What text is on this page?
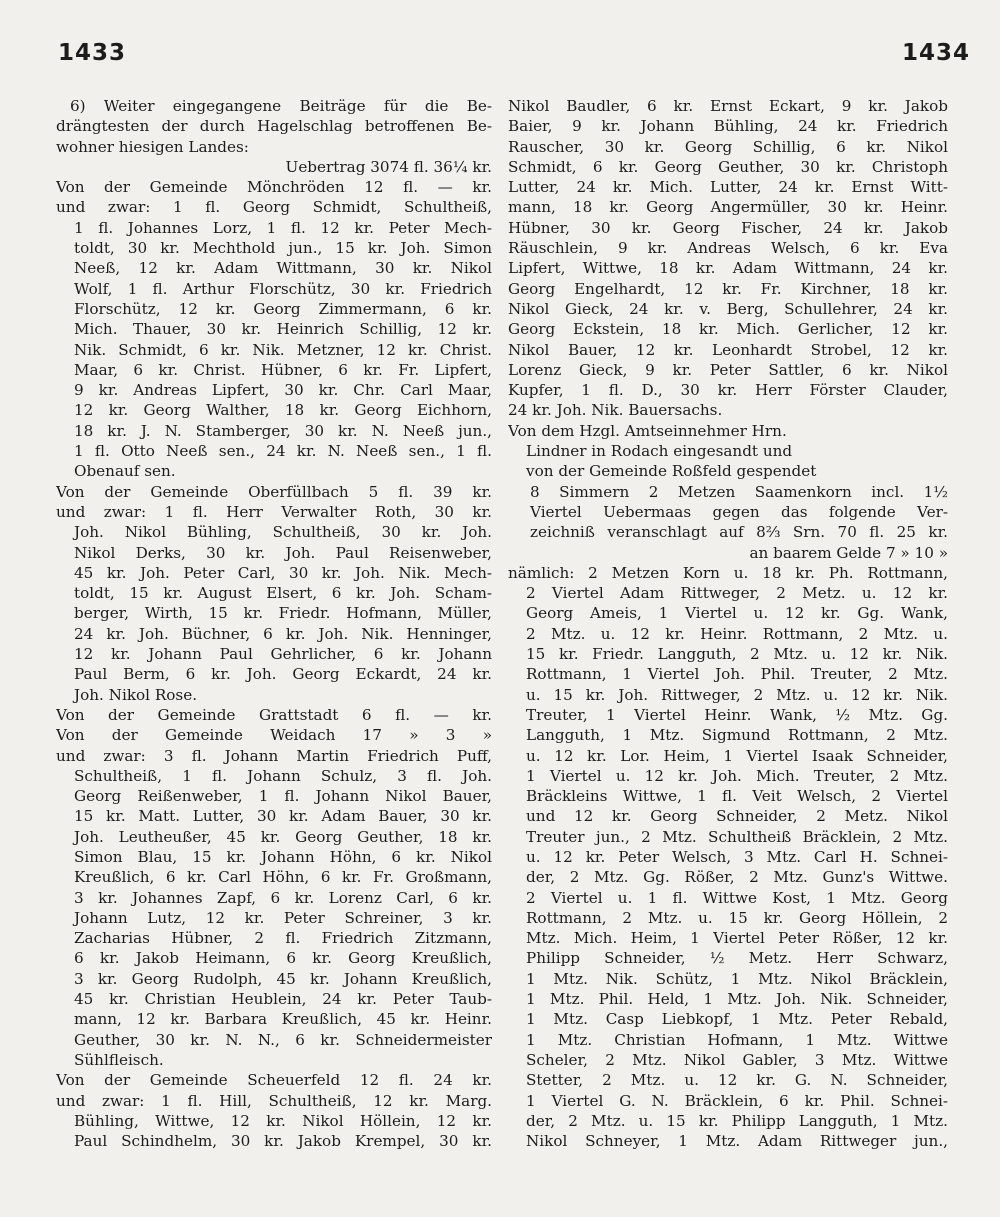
1433	1434
6) Weiter eingegangene Beiträge für die Be-
drängtesten der durch Hagelschlag betroffenen Be-
wohner hiesigen Landes:
Uebertrag 3074 fl. 36¼ kr.
Von der Gemeinde Mönchröden 12 fl. — kr.
und zwar: 1 fl. Georg Schmidt, Schultheiß,
1 fl. Johannes Lorz, 1 fl. 12 kr. Peter Mech-
toldt, 30 kr. Mechthold jun., 15 kr. Joh. Simon
Neeß, 12 kr. Adam Wittmann, 30 kr. Nikol
Wolf, 1 fl. Arthur Florschütz, 30 kr. Friedrich
Florschütz, 12 kr. Georg Zimmermann, 6 kr.
Mich. Thauer, 30 kr. Heinrich Schillig, 12 kr.
Nik. Schmidt, 6 kr. Nik. Metzner, 12 kr. Christ.
Maar, 6 kr. Christ. Hübner, 6 kr. Fr. Lipfert,
9 kr. Andreas Lipfert, 30 kr. Chr. Carl Maar,
12 kr. Georg Walther, 18 kr. Georg Eichhorn,
18 kr. J. N. Stamberger, 30 kr. N. Neeß jun.,
1 fl. Otto Neeß sen., 24 kr. N. Neeß sen., 1 fl.
Obenauf sen.
Von der Gemeinde Oberfüllbach 5 fl. 39 kr.
und zwar: 1 fl. Herr Verwalter Roth, 30 kr.
Joh. Nikol Bühling, Schultheiß, 30 kr. Joh.
Nikol Derks, 30 kr. Joh. Paul Reisenweber,
45 kr. Joh. Peter Carl, 30 kr. Joh. Nik. Mech-
toldt, 15 kr. August Elsert, 6 kr. Joh. Scham-
berger, Wirth, 15 kr. Friedr. Hofmann, Müller,
24 kr. Joh. Büchner, 6 kr. Joh. Nik. Henninger,
12 kr. Johann Paul Gehrlicher, 6 kr. Johann
Paul Berm, 6 kr. Joh. Georg Eckardt, 24 kr.
Joh. Nikol Rose.
Von der Gemeinde Grattstadt 6 fl. — kr.
Von der Gemeinde Weidach 17 » 3 »
und zwar: 3 fl. Johann Martin Friedrich Puff,
Schultheiß, 1 fl. Johann Schulz, 3 fl. Joh.
Georg Reißenweber, 1 fl. Johann Nikol Bauer,
15 kr. Matt. Lutter, 30 kr. Adam Bauer, 30 kr.
Joh. Leutheußer, 45 kr. Georg Geuther, 18 kr.
Simon Blau, 15 kr. Johann Höhn, 6 kr. Nikol
Kreußlich, 6 kr. Carl Höhn, 6 kr. Fr. Großmann,
3 kr. Johannes Zapf, 6 kr. Lorenz Carl, 6 kr.
Johann Lutz, 12 kr. Peter Schreiner, 3 kr.
Zacharias Hübner, 2 fl. Friedrich Zitzmann,
6 kr. Jakob Heimann, 6 kr. Georg Kreußlich,
3 kr. Georg Rudolph, 45 kr. Johann Kreußlich,
45 kr. Christian Heublein, 24 kr. Peter Taub-
mann, 12 kr. Barbara Kreußlich, 45 kr. Heinr.
Geuther, 30 kr. N. N., 6 kr. Schneidermeister
Sühlfleisch.
Von der Gemeinde Scheuerfeld 12 fl. 24 kr.
und zwar: 1 fl. Hill, Schultheiß, 12 kr. Marg.
Bühling, Wittwe, 12 kr. Nikol Höllein, 12 kr.
Paul Schindhelm, 30 kr. Jakob Krempel, 30 kr.
Nikol Baudler, 6 kr. Ernst Eckart, 9 kr. Jakob
Baier, 9 kr. Johann Bühling, 24 kr. Friedrich
Rauscher, 30 kr. Georg Schillig, 6 kr. Nikol
Schmidt, 6 kr. Georg Geuther, 30 kr. Christoph
Lutter, 24 kr. Mich. Lutter, 24 kr. Ernst Witt-
mann, 18 kr. Georg Angermüller, 30 kr. Heinr.
Hübner, 30 kr. Georg Fischer, 24 kr. Jakob
Räuschlein, 9 kr. Andreas Welsch, 6 kr. Eva
Lipfert, Wittwe, 18 kr. Adam Wittmann, 24 kr.
Georg Engelhardt, 12 kr. Fr. Kirchner, 18 kr.
Nikol Gieck, 24 kr. v. Berg, Schullehrer, 24 kr.
Georg Eckstein, 18 kr. Mich. Gerlicher, 12 kr.
Nikol Bauer, 12 kr. Leonhardt Strobel, 12 kr.
Lorenz Gieck, 9 kr. Peter Sattler, 6 kr. Nikol
Kupfer, 1 fl. D., 30 kr. Herr Förster Clauder,
24 kr. Joh. Nik. Bauersachs.
Von dem Hzgl. Amtseinnehmer Hrn.
Lindner in Rodach eingesandt und
von der Gemeinde Roßfeld gespendet
8 Simmern 2 Metzen Saamenkorn incl. 1½
Viertel Uebermaas gegen das folgende Ver-
zeichniß veranschlagt auf 8⅔ Srn. 70 fl. 25 kr.
an baarem Gelde 7 » 10 »
nämlich: 2 Metzen Korn u. 18 kr. Ph. Rottmann,
2 Viertel Adam Rittweger, 2 Metz. u. 12 kr.
Georg Ameis, 1 Viertel u. 12 kr. Gg. Wank,
2 Mtz. u. 12 kr. Heinr. Rottmann, 2 Mtz. u.
15 kr. Friedr. Langguth, 2 Mtz. u. 12 kr. Nik.
Rottmann, 1 Viertel Joh. Phil. Treuter, 2 Mtz.
u. 15 kr. Joh. Rittweger, 2 Mtz. u. 12 kr. Nik.
Treuter, 1 Viertel Heinr. Wank, ½ Mtz. Gg.
Langguth, 1 Mtz. Sigmund Rottmann, 2 Mtz.
u. 12 kr. Lor. Heim, 1 Viertel Isaak Schneider,
1 Viertel u. 12 kr. Joh. Mich. Treuter, 2 Mtz.
Bräckleins Wittwe, 1 fl. Veit Welsch, 2 Viertel
und 12 kr. Georg Schneider, 2 Metz. Nikol
Treuter jun., 2 Mtz. Schultheiß Bräcklein, 2 Mtz.
u. 12 kr. Peter Welsch, 3 Mtz. Carl H. Schnei-
der, 2 Mtz. Gg. Rößer, 2 Mtz. Gunz's Wittwe.
2 Viertel u. 1 fl. Wittwe Kost, 1 Mtz. Georg
Rottmann, 2 Mtz. u. 15 kr. Georg Höllein, 2
Mtz. Mich. Heim, 1 Viertel Peter Rößer, 12 kr.
Philipp Schneider, ½ Metz. Herr Schwarz,
1 Mtz. Nik. Schütz, 1 Mtz. Nikol Bräcklein,
1 Mtz. Phil. Held, 1 Mtz. Joh. Nik. Schneider,
1 Mtz. Casp Liebkopf, 1 Mtz. Peter Rebald,
1 Mtz. Christian Hofmann, 1 Mtz. Wittwe
Scheler, 2 Mtz. Nikol Gabler, 3 Mtz. Wittwe
Stetter, 2 Mtz. u. 12 kr. G. N. Schneider,
1 Viertel G. N. Bräcklein, 6 kr. Phil. Schnei-
der, 2 Mtz. u. 15 kr. Philipp Langguth, 1 Mtz.
Nikol Schneyer, 1 Mtz. Adam Rittweger jun.,
